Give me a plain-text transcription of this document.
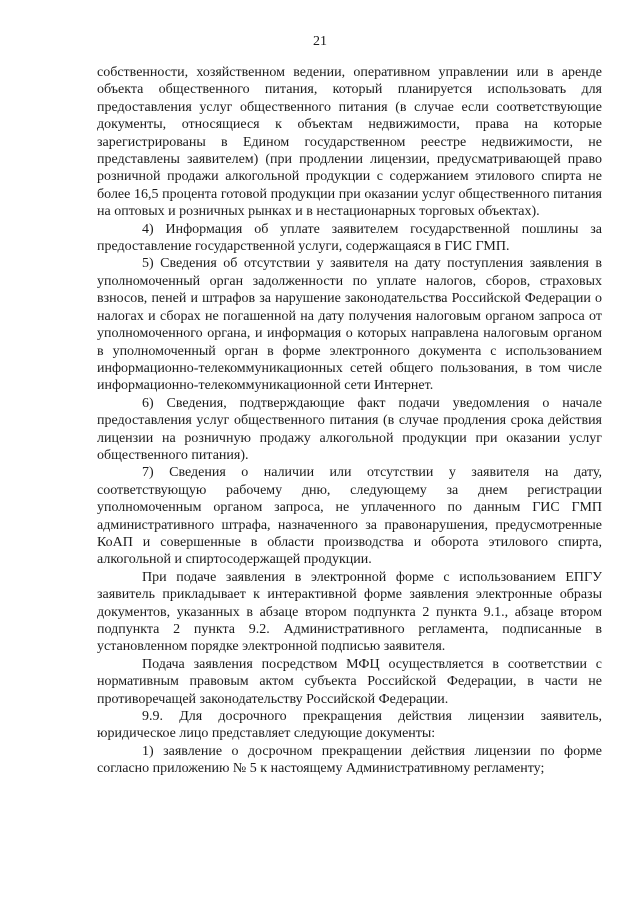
21

собственности, хозяйственном ведении, оперативном управлении или в аренде объекта общественного питания, который планируется использовать для предоставления услуг общественного питания (в случае если соответствующие документы, относящиеся к объектам недвижимости, права на которые зарегистрированы в Едином государственном реестре недвижимости, не представлены заявителем) (при продлении лицензии, предусматривающей право розничной продажи алкогольной продукции с содержанием этилового спирта не более 16,5 процента готовой продукции при оказании услуг общественного питания на оптовых и розничных рынках и в нестационарных торговых объектах).

4) Информация об уплате заявителем государственной пошлины за предоставление государственной услуги, содержащаяся в ГИС ГМП.

5) Сведения об отсутствии у заявителя на дату поступления заявления в уполномоченный орган задолженности по уплате налогов, сборов, страховых взносов, пеней и штрафов за нарушение законодательства Российской Федерации о налогах и сборах не погашенной на дату получения налоговым органом запроса от уполномоченного органа, и информация о которых направлена налоговым органом в уполномоченный орган в форме электронного документа с использованием информационно-телекоммуникационных сетей общего пользования, в том числе информационно-телекоммуникационной сети Интернет.

6) Сведения, подтверждающие факт подачи уведомления о начале предоставления услуг общественного питания (в случае продления срока действия лицензии на розничную продажу алкогольной продукции при оказании услуг общественного питания).

7) Сведения о наличии или отсутствии у заявителя на дату, соответствующую рабочему дню, следующему за днем регистрации уполномоченным органом запроса, не уплаченного по данным ГИС ГМП административного штрафа, назначенного за правонарушения, предусмотренные КоАП и совершенные в области производства и оборота этилового спирта, алкогольной и спиртосодержащей продукции.

При подаче заявления в электронной форме с использованием ЕПГУ заявитель прикладывает к интерактивной форме заявления электронные образы документов, указанных в абзаце втором подпункта 2 пункта 9.1., абзаце втором подпункта 2 пункта 9.2. Административного регламента, подписанные в установленном порядке электронной подписью заявителя.

Подача заявления посредством МФЦ осуществляется в соответствии с нормативным правовым актом субъекта Российской Федерации, в части не противоречащей законодательству Российской Федерации.

9.9. Для досрочного прекращения действия лицензии заявитель, юридическое лицо представляет следующие документы:

1) заявление о досрочном прекращении действия лицензии по форме согласно приложению № 5 к настоящему Административному регламенту;
